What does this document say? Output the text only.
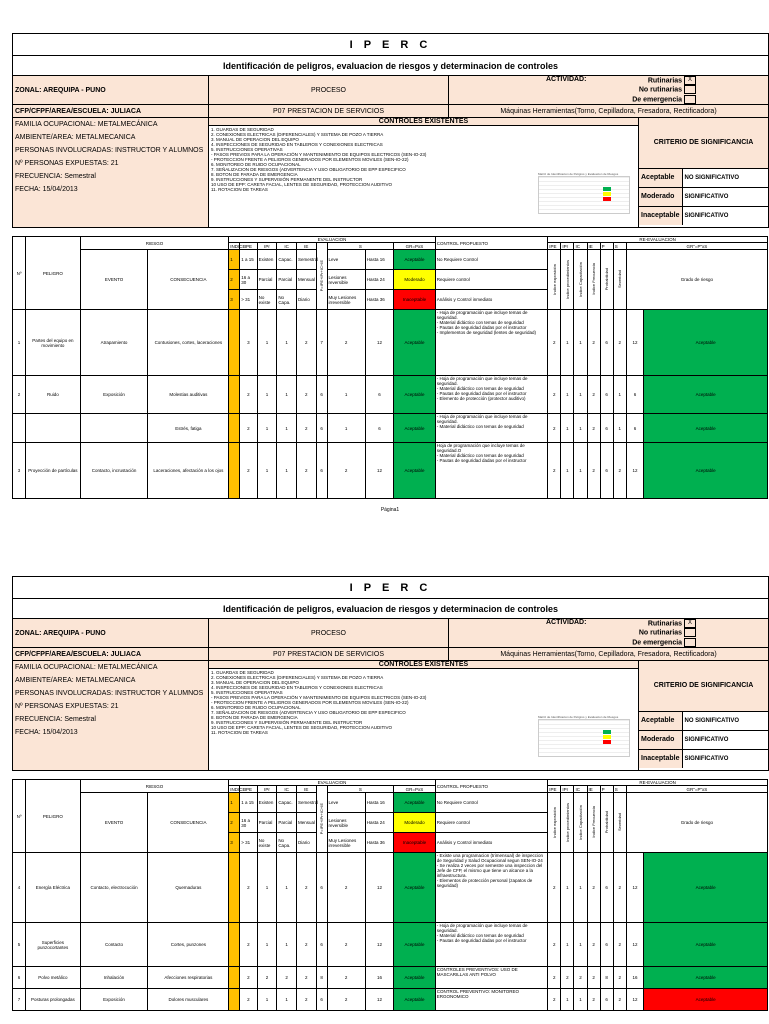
I P E R C
Identificación de peligros, evaluacion de riesgos y determinacion de controles
ZONAL: AREQUIPA - PUNO	PROCESO	
ACTIVIDAD:	Rutinarias X
No rutinarias
De emergencia

CFP/CFPF/AREA/ESCUELA: JULIACA	P07 PRESTACION DE SERVICIOS	Máquinas Herramientas(Torno, Cepilladora, Fresadora, Rectificadora)

FAMILIA OCUPACIONAL: METALMECÁNICA
AMBIENTE/AREA: METALMECANICA
PERSONAS INVOLUCRADAS: INSTRUCTOR Y ALUMNOS
Nº PERSONAS EXPUESTAS: 21
FRECUENCIA: Semestral
FECHA: 15/04/2013

CONTROLES EXISTENTES
1. GUARDAS DE SEGURIDAD
2. CONEXIONES ELECTRICAS (DIFERENCIALES) Y SISTEMA DE POZO A TIERRA
3. MANUAL DE OPERACION DEL EQUIPO
4. INSPECCIONES DE SEGURIDAD EN TABLEROS Y CONEXIONES ELECTRICAS
5. INSTRUCCIONES OPERATIVAS
- PASOS PREVIOS PARA LA OPERACIÓN Y MANTENIMIENTO DE EQUIPOS ELECTRICOS (SEN-IO-23)
- PROTECCION FRENTE A PELIGROS GENERADOS POR ELEMENTOS MOVILES (SEN-IO-22)
6. MONITOREO DE RUIDO OCUPACIONAL
7. SEÑALIZACION DE RIESGOS (ADVERTENCIA Y USO OBLIGATORIO DE EPP ESPECIFICO
8. BOTON DE PARADA DE EMERGENCIA
9. INSTRUCCIONES Y SUPERVISIÓN PERMANENTE DEL INSTRUCTOR
10 USO DE EPP: CARETA FACIAL, LENTES DE SEGURIDAD, PROTECCION AUDITIVO
11. ROTACION DE TAREAS
Matriz de Identificacion de Peligros y Evaluacion de Riesgos

CRITERIO DE SIGNIFICANCIA
Aceptable	NO SIGNIFICATIVO
Moderado	SIGNIFICATIVO
Inaceptable	SIGNIFICATIVO
Nº	PELIGRO	RIESGO		EVALUACION									CONTROL PROPUESTO	RE-EVALUACION							
				INDICE	IPE	IPr	IC	IE	P=IPE+IPr+IC+IE	S		GR=PxS		IPE	IPr	IC	IE	P	S	GR"=P"xS	
		EVENTO	CONSECUENCIA	1	1 a 15	Existen	Capac.	Semestral		Leve	Hasta 16	Aceptable	No Requiere Control	Indice exposición	Indice procedimientos	Indice Capacitación	Indice Frecuencia	Probabilidad	Severidad	Grado de riesgo	
				2	16 a 30	Parcial	Parcial	Mensual		Lesiones reversible	Hasta 24	Moderado	Requiere control								
				3	> 31	No existe	No Capa.	Diario		Muy Lesiones irreversible	Hasta 36	Inaceptable	Análisis y Control inmediato								
1	Partes del equipo en movimiento	Atrapamiento	Contusiones, cortes, laceraciones		3	1	1	2	7	2	12	Aceptable	- Hoja de programación que incluye temas de seguridad.
- Material didáctico con temas de seguridad
- Pautas de seguridad dadas por el instructor
- Implementos de seguridad (lentes de seguridad)	2	1	1	2	6	2	12	Aceptable
2	Ruido	Exposición	Molestias auditivas		2	1	1	2	6	1	6	Aceptable	- Hoja de programación que incluye temas de seguridad.
- Material didáctico con temas de seguridad
- Pautas de seguridad dadas por el instructor
- Elemento de protección (protector auditivo)	2	1	1	2	6	1	6	Aceptable
			Estrés, fatiga		2	1	1	2	6	1	6	Aceptable	- Hoja de programación que incluye temas de seguridad.
- Material didáctico con temas de seguridad	2	1	1	2	6	1	6	Aceptable
3	Proyección de partículas	Contacto, incrustación	Laceraciones, afectación a los ojos		2	1	1	2	6	2	12	Aceptable	Hoja de programación que incluye temas de seguridad.O
- Material didáctico con temas de seguridad
- Pautas de seguridad dadas por el instructor	2	1	1	2	6	2	12	Aceptable
Página1
I P E R C
Identificación de peligros, evaluacion de riesgos y determinacion de controles
ZONAL: AREQUIPA - PUNO	PROCESO	
ACTIVIDAD:	Rutinarias X
No rutinarias
De emergencia

CFP/CFPF/AREA/ESCUELA: JULIACA	P07 PRESTACION DE SERVICIOS	Máquinas Herramientas(Torno, Cepilladora, Fresadora, Rectificadora)

FAMILIA OCUPACIONAL: METALMECÁNICA
AMBIENTE/AREA: METALMECANICA
PERSONAS INVOLUCRADAS: INSTRUCTOR Y ALUMNOS
Nº PERSONAS EXPUESTAS: 21
FRECUENCIA: Semestral
FECHA: 15/04/2013

CONTROLES EXISTENTES
1. GUARDAS DE SEGURIDAD
2. CONEXIONES ELECTRICAS (DIFERENCIALES) Y SISTEMA DE POZO A TIERRA
3. MANUAL DE OPERACION DEL EQUIPO
4. INSPECCIONES DE SEGURIDAD EN TABLEROS Y CONEXIONES ELECTRICAS
5. INSTRUCCIONES OPERATIVAS
- PASOS PREVIOS PARA LA OPERACIÓN Y MANTENIMIENTO DE EQUIPOS ELECTRICOS (SEN-IO-23)
- PROTECCION FRENTE A PELIGROS GENERADOS POR ELEMENTOS MOVILES (SEN-IO-22)
6. MONITOREO DE RUIDO OCUPACIONAL
7. SEÑALIZACION DE RIESGOS (ADVERTENCIA Y USO OBLIGATORIO DE EPP ESPECIFICO
8. BOTON DE PARADA DE EMERGENCIA
9. INSTRUCCIONES Y SUPERVISIÓN PERMANENTE DEL INSTRUCTOR
10 USO DE EPP: CARETA FACIAL, LENTES DE SEGURIDAD, PROTECCION AUDITIVO
11. ROTACION DE TAREAS
Matriz de Identificacion de Peligros y Evaluacion de Riesgos

CRITERIO DE SIGNIFICANCIA
Aceptable	NO SIGNIFICATIVO
Moderado	SIGNIFICATIVO
Inaceptable	SIGNIFICATIVO
Nº	PELIGRO	RIESGO		EVALUACION									CONTROL PROPUESTO	RE-EVALUACION							
				INDICE	IPE	IPr	IC	IE	P=IPE+IPr+IC+IE	S		GR=PxS		IPE	IPr	IC	IE	P	S	GR"=P"xS	
		EVENTO	CONSECUENCIA	1	1 a 15	Existen	Capac.	Semestral		Leve	Hasta 16	Aceptable	No Requiere Control	Indice exposición	Indice procedimientos	Indice Capacitación	Indice Frecuencia	Probabilidad	Severidad	Grado de riesgo	
				2	16 a 30	Parcial	Parcial	Mensual		Lesiones reversible	Hasta 24	Moderado	Requiere control								
				3	> 31	No existe	No Capa.	Diario		Muy Lesiones irreversible	Hasta 36	Inaceptable	Análisis y Control inmediato								
4	Energía Eléctrica	Contacto, electrocución	Quemaduras		2	1	1	2	6	2	12	Aceptable	- Existe una programacion (trimensual) de inspeccion de Seguridad y Salud Ocupacional segun SEN-IO-24
- Se realiza 2 veces por semestre una inspeccion del Jefe de CFP, el mismo que tiene un alcance a la infraestructura.
- Elementos de protección personal (zapatos de seguridad)	2	1	1	2	6	2	12	Aceptable
5	Superficies punzocortantes	Contacto	Cortes, punzones		2	1	1	2	6	2	12	Aceptable	- Hoja de programación que incluye temas de seguridad.
- Material didáctico con temas de seguridad
- Pautas de seguridad dadas por el instructor	2	1	1	2	6	2	12	Aceptable
6	Polvo metálico	Inhalación	Afecciones respiratorias		2	2	2	2	8	2	16	Aceptable	CONTROLES PREVENTIVOS: USO DE MASCARILLAS ANTI POLVO	2	2	2	2	8	2	16	Aceptable
7	Posturas prolongadas	Exposición	Dolores musculares		2	1	1	2	6	2	12	Aceptable	CONTROL PREVENTIVO: MONITOREO ERGONOMICO	2	1	1	2	6	2	12	Aceptable
